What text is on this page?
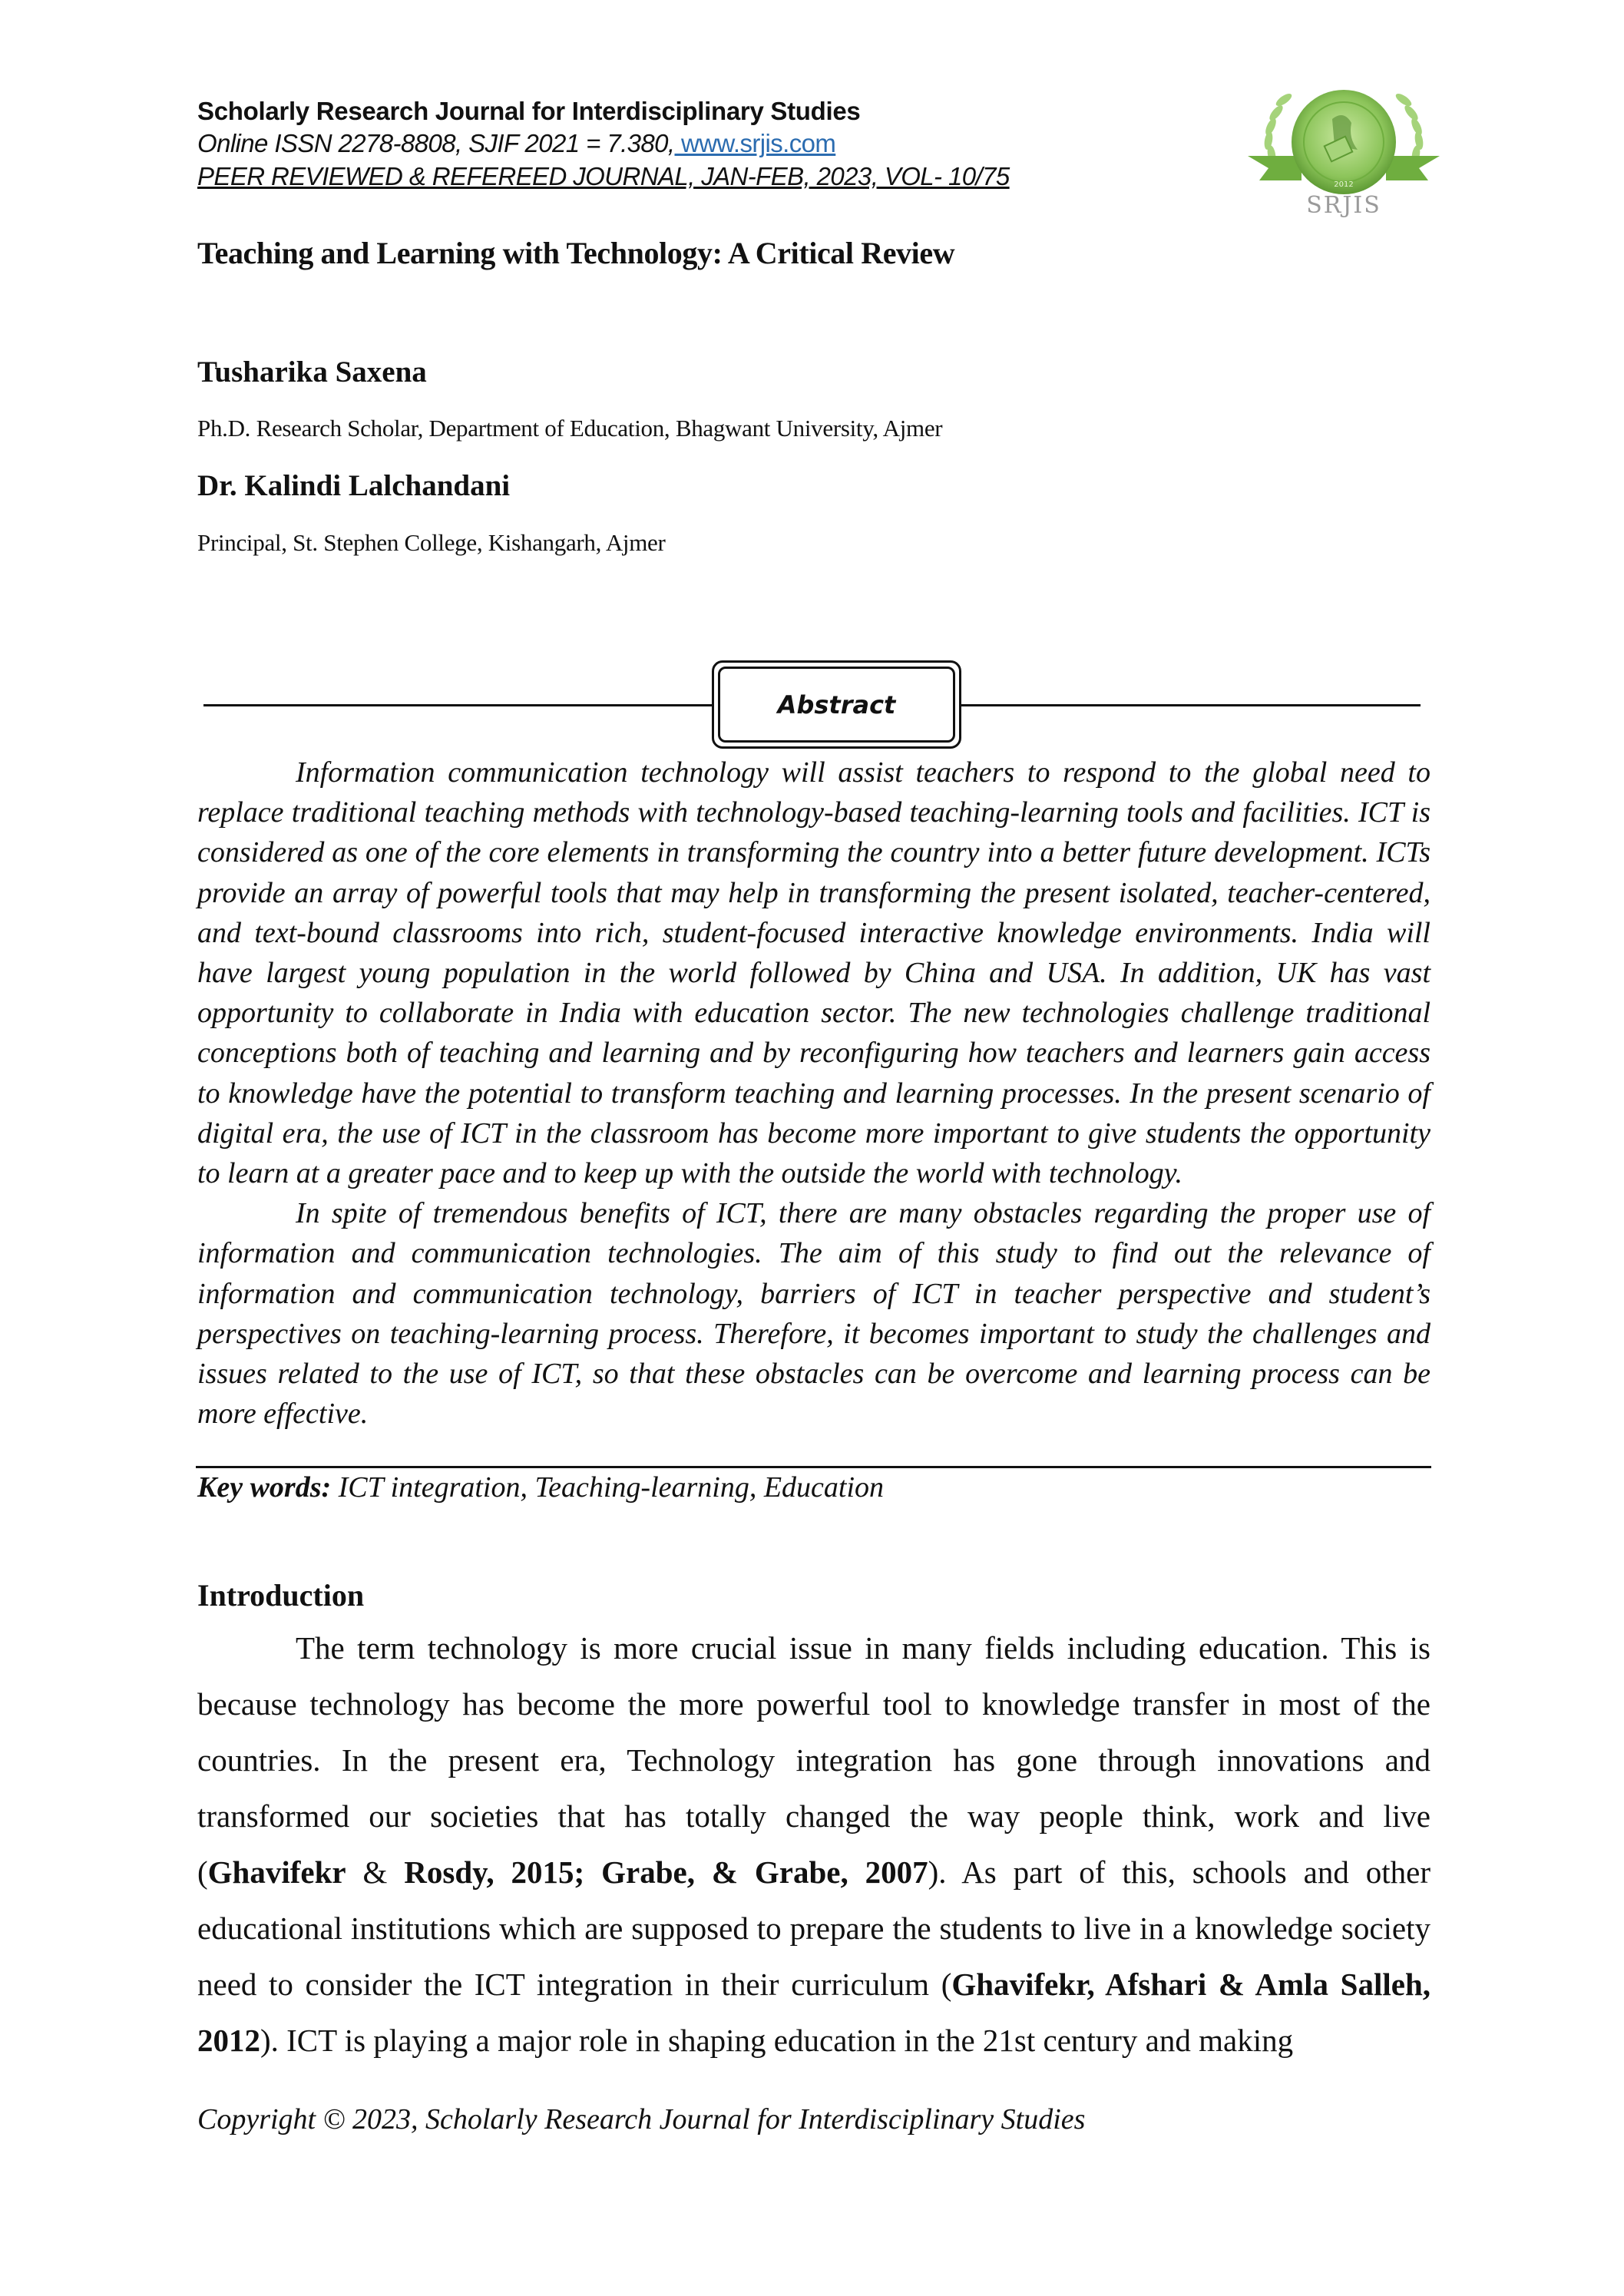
Scholarly Research Journal for Interdisciplinary Studies
Online ISSN 2278-8808, SJIF 2021 = 7.380, www.srjis.com
PEER REVIEWED & REFEREED JOURNAL, JAN-FEB, 2023, VOL- 10/75	2012
SRJIS
Teaching and Learning with Technology: A Critical Review
Tusharika Saxena
Ph.D. Research Scholar, Department of Education, Bhagwant University, Ajmer
Dr. Kalindi Lalchandani
Principal, St. Stephen College, Kishangarh, Ajmer
Abstract

Information communication technology will assist teachers to respond to the global need to replace traditional teaching methods with technology-based teaching-learning tools and facilities. ICT is considered as one of the core elements in transforming the country into a better future development. ICTs provide an array of powerful tools that may help in transforming the present isolated, teacher-centered, and text-bound classrooms into rich, student-focused interactive knowledge environments. India will have largest young population in the world followed by China and USA. In addition, UK has vast opportunity to collaborate in India with education sector. The new technologies challenge traditional conceptions both of teaching and learning and by reconfiguring how teachers and learners gain access to knowledge have the potential to transform teaching and learning processes. In the present scenario of digital era, the use of ICT in the classroom has become more important to give students the opportunity to learn at a greater pace and to keep up with the outside the world with technology.

In spite of tremendous benefits of ICT, there are many obstacles regarding the proper use of information and communication technologies. The aim of this study to find out the relevance of information and communication technology, barriers of ICT in teacher perspective and student’s perspectives on teaching-learning process. Therefore, it becomes important to study the challenges and issues related to the use of ICT, so that these obstacles can be overcome and learning process can be more effective.

Key words: ICT integration, Teaching-learning, Education
Introduction

The term technology is more crucial issue in many fields including education. This is because technology has become the more powerful tool to knowledge transfer in most of the countries. In the present era, Technology integration has gone through innovations and transformed our societies that has totally changed the way people think, work and live (Ghavifekr & Rosdy, 2015; Grabe, & Grabe, 2007). As part of this, schools and other educational institutions which are supposed to prepare the students to live in a knowledge society need to consider the ICT integration in their curriculum (Ghavifekr, Afshari & Amla Salleh, 2012). ICT is playing a major role in shaping education in the 21st century and making

Copyright © 2023, Scholarly Research Journal for Interdisciplinary Studies
